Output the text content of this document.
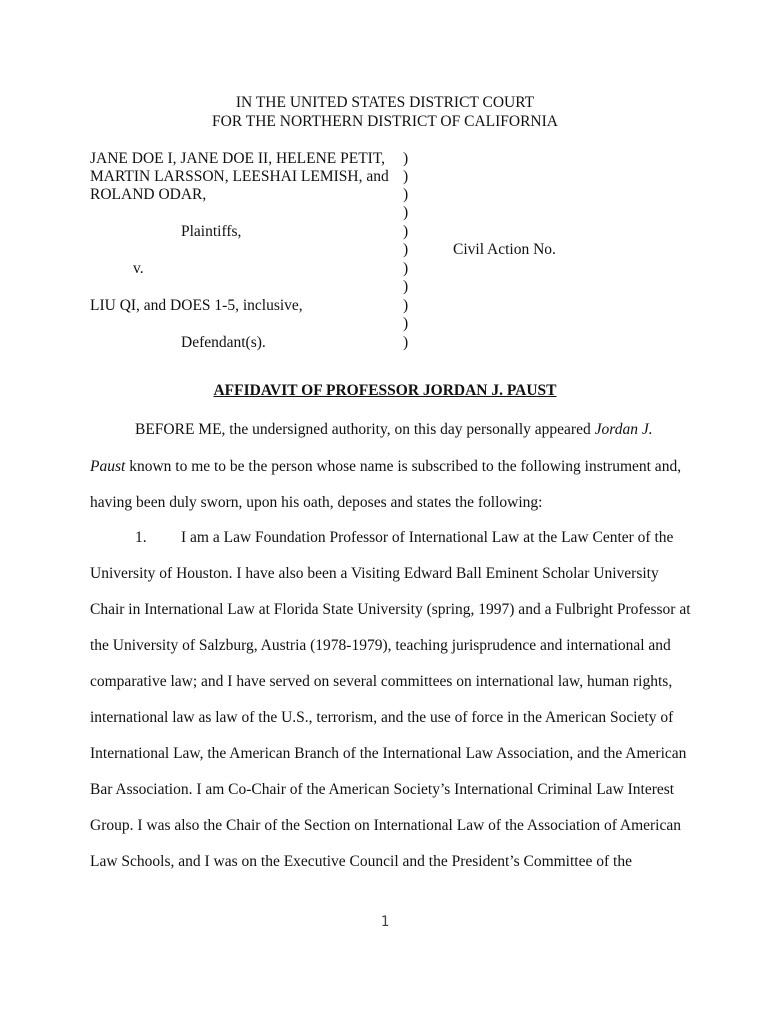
IN THE UNITED STATES DISTRICT COURT
FOR THE NORTHERN DISTRICT OF CALIFORNIA
JANE DOE I, JANE DOE II, HELENE PETIT,
MARTIN LARSSON, LEESHAI LEMISH, and
ROLAND ODAR,
Plaintiffs,
v.
LIU QI, and DOES 1-5, inclusive,
Defendant(s).
)
)
)
)
)
)
)
)
)
)
)
Civil Action No.
AFFIDAVIT OF PROFESSOR JORDAN J. PAUST
BEFORE ME, the undersigned authority, on this day personally appeared Jordan J.
Paust known to me to be the person whose name is subscribed to the following instrument and,
having been duly sworn, upon his oath, deposes and states the following:
1. I am a Law Foundation Professor of International Law at the Law Center of the
University of Houston. I have also been a Visiting Edward Ball Eminent Scholar University
Chair in International Law at Florida State University (spring, 1997) and a Fulbright Professor at
the University of Salzburg, Austria (1978-1979), teaching jurisprudence and international and
comparative law; and I have served on several committees on international law, human rights,
international law as law of the U.S., terrorism, and the use of force in the American Society of
International Law, the American Branch of the International Law Association, and the American
Bar Association. I am Co-Chair of the American Society’s International Criminal Law Interest
Group. I was also the Chair of the Section on International Law of the Association of American
Law Schools, and I was on the Executive Council and the President’s Committee of the
1
